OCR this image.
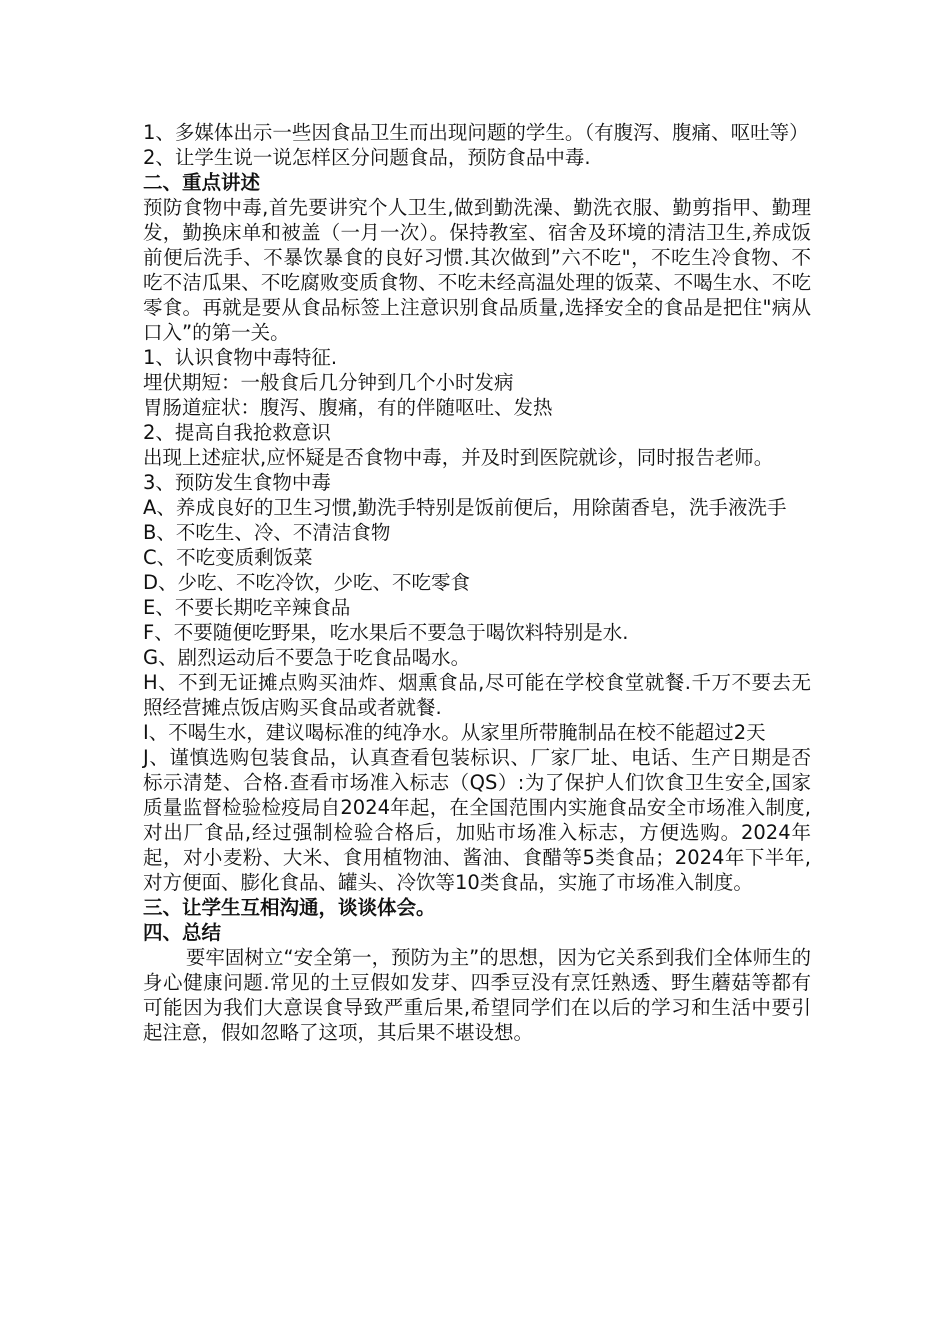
1、多媒体出示一些因食品卫生而出现问题的学生。（有腹泻、腹痛、呕吐等）

2、让学生说一说怎样区分问题食品，预防食品中毒.

二、重点讲述

预防食物中毒,首先要讲究个人卫生,做到勤洗澡、勤洗衣服、勤剪指甲、勤理发，勤换床单和被盖（一月一次）。保持教室、宿舍及环境的清洁卫生,养成饭前便后洗手、不暴饮暴食的良好习惯.其次做到”六不吃"，不吃生冷食物、不吃不洁瓜果、不吃腐败变质食物、不吃未经高温处理的饭菜、不喝生水、不吃零食。再就是要从食品标签上注意识别食品质量,选择安全的食品是把住"病从口入”的第一关。

1、认识食物中毒特征.

埋伏期短：一般食后几分钟到几个小时发病

胃肠道症状：腹泻、腹痛，有的伴随呕吐、发热

2、提高自我抢救意识

出现上述症状,应怀疑是否食物中毒，并及时到医院就诊，同时报告老师。

3、预防发生食物中毒

A、养成良好的卫生习惯,勤洗手特别是饭前便后，用除菌香皂，洗手液洗手

B、不吃生、冷、不清洁食物

C、不吃变质剩饭菜

D、少吃、不吃冷饮，少吃、不吃零食

E、不要长期吃辛辣食品

F、不要随便吃野果，吃水果后不要急于喝饮料特别是水.

G、剧烈运动后不要急于吃食品喝水。

H、不到无证摊点购买油炸、烟熏食品,尽可能在学校食堂就餐.千万不要去无照经营摊点饭店购买食品或者就餐.

I、不喝生水，建议喝标准的纯净水。从家里所带腌制品在校不能超过2天

J、谨慎选购包装食品，认真查看包装标识、厂家厂址、电话、生产日期是否标示清楚、合格.查看市场准入标志（QS）:为了保护人们饮食卫生安全,国家质量监督检验检疫局自2024年起，在全国范围内实施食品安全市场准入制度,对出厂食品,经过强制检验合格后，加贴市场准入标志，方便选购。2024年起，对小麦粉、大米、食用植物油、酱油、食醋等5类食品；2024年下半年,对方便面、膨化食品、罐头、冷饮等10类食品，实施了市场准入制度。

三、让学生互相沟通，谈谈体会。
四、总结

要牢固树立“安全第一，预防为主”的思想，因为它关系到我们全体师生的身心健康问题.常见的土豆假如发芽、四季豆没有烹饪熟透、野生蘑菇等都有可能因为我们大意误食导致严重后果,希望同学们在以后的学习和生活中要引起注意，假如忽略了这项，其后果不堪设想。
